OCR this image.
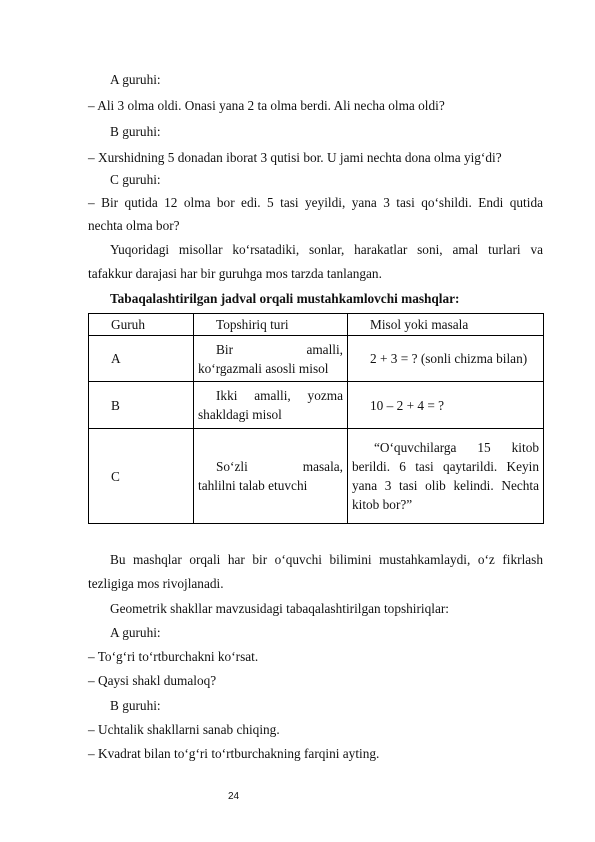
A guruhi:
– Ali 3 olma oldi. Onasi yana 2 ta olma berdi. Ali necha olma oldi?
B guruhi:
– Xurshidning 5 donadan iborat 3 qutisi bor. U jami nechta dona olma yig‘di?
C guruhi:
– Bir qutida 12 olma bor edi. 5 tasi yeyildi, yana 3 tasi qo‘shildi. Endi qutida
nechta olma bor?
Yuqoridagi misollar ko‘rsatadiki, sonlar, harakatlar soni, amal turlari va
tafakkur darajasi har bir guruhga mos tarzda tanlangan.
Tabaqalashtirilgan jadval orqali mustahkamlovchi mashqlar:
Guruh	Topshiriq turi	Misol yoki masala
A	Bir amalli,
ko‘rgazmali asosli misol	2 + 3 = ? (sonli chizma bilan)
B	Ikki amalli, yozma
shakldagi misol	10 – 2 + 4 = ?
C	So‘zli masala,
tahlilni talab etuvchi	“O‘quvchilarga 15 kitob
berildi. 6 tasi qaytarildi. Keyin
yana 3 tasi olib kelindi. Nechta
kitob bor?”
Bu mashqlar orqali har bir o‘quvchi bilimini mustahkamlaydi, o‘z fikrlash
tezligiga mos rivojlanadi.
Geometrik shakllar mavzusidagi tabaqalashtirilgan topshiriqlar:
A guruhi:
– To‘g‘ri to‘rtburchakni ko‘rsat.
– Qaysi shakl dumaloq?
B guruhi:
– Uchtalik shakllarni sanab chiqing.
– Kvadrat bilan to‘g‘ri to‘rtburchakning farqini ayting.
24
